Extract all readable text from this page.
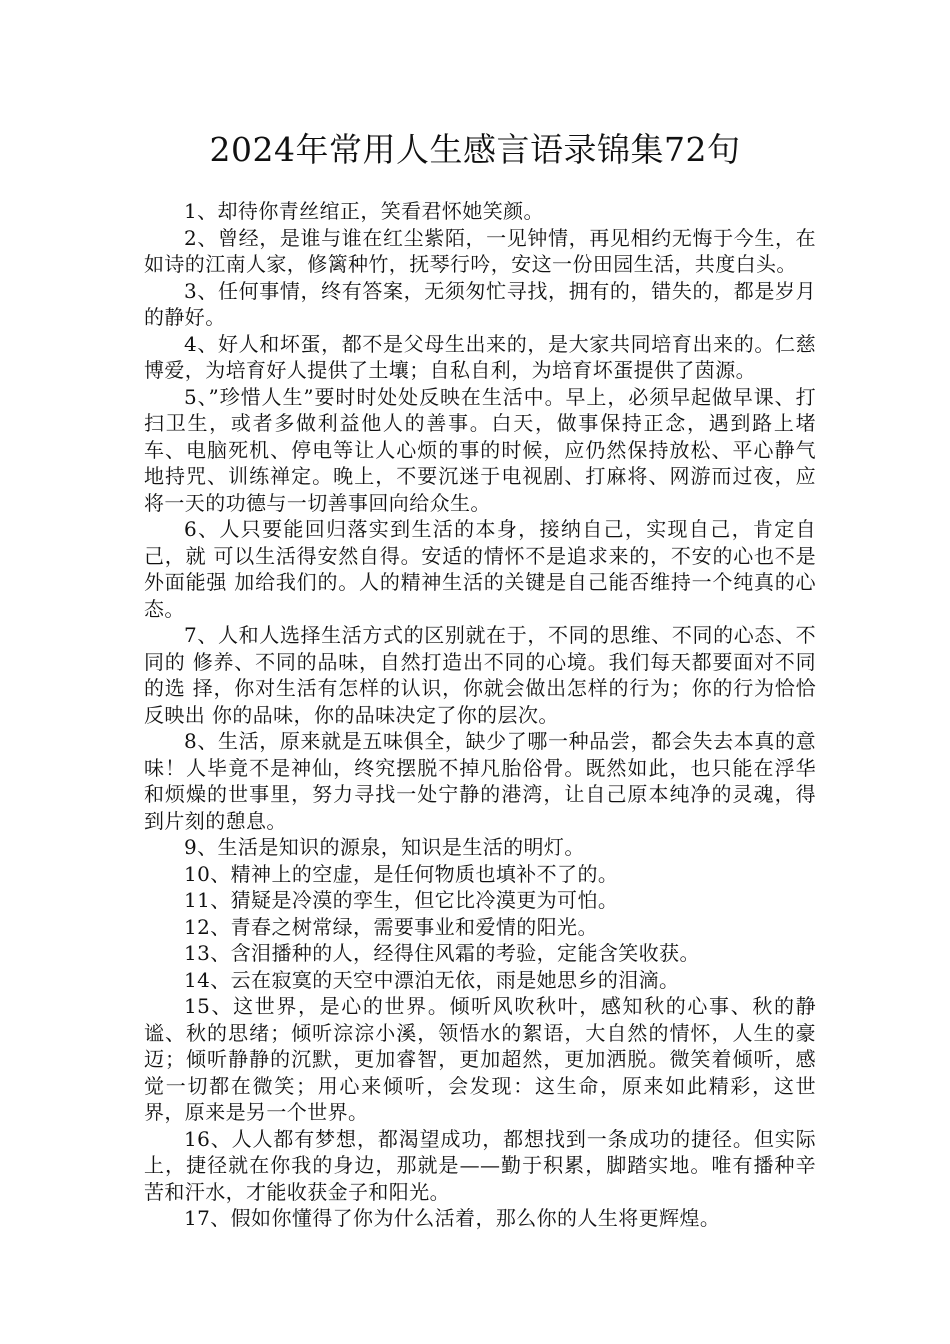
2024年常用人生感言语录锦集72句

1、却待你青丝绾正，笑看君怀她笑颜。

2、曾经，是谁与谁在红尘紫陌，一见钟情，再见相约无悔于今生，在如诗的江南人家，修篱种竹，抚琴行吟，安这一份田园生活，共度白头。

3、任何事情，终有答案，无须匆忙寻找，拥有的，错失的，都是岁月的静好。

4、好人和坏蛋，都不是父母生出来的，是大家共同培育出来的。仁慈博爱，为培育好人提供了土壤；自私自利，为培育坏蛋提供了茵源。

5、”珍惜人生”要时时处处反映在生活中。早上，必须早起做早课、打扫卫生，或者多做利益他人的善事。白天，做事保持正念，遇到路上堵车、电脑死机、停电等让人心烦的事的时候，应仍然保持放松、平心静气地持咒、训练禅定。晚上，不要沉迷于电视剧、打麻将、网游而过夜，应将一天的功德与一切善事回向给众生。

6、人只要能回归落实到生活的本身，接纳自己，实现自己，肯定自己，就 可以生活得安然自得。安适的情怀不是追求来的，不安的心也不是外面能强 加给我们的。人的精神生活的关键是自己能否维持一个纯真的心态。

7、人和人选择生活方式的区别就在于，不同的思维、不同的心态、不同的 修养、不同的品味，自然打造出不同的心境。我们每天都要面对不同的选 择，你对生活有怎样的认识，你就会做出怎样的行为；你的行为恰恰反映出 你的品味，你的品味决定了你的层次。

8、生活，原来就是五味俱全，缺少了哪一种品尝，都会失去本真的意味！人毕竟不是神仙，终究摆脱不掉凡胎俗骨。既然如此，也只能在浮华和烦燥的世事里，努力寻找一处宁静的港湾，让自己原本纯净的灵魂，得到片刻的憩息。

9、生活是知识的源泉，知识是生活的明灯。

10、精神上的空虚，是任何物质也填补不了的。

11、猜疑是冷漠的孪生，但它比冷漠更为可怕。

12、青春之树常绿，需要事业和爱情的阳光。

13、含泪播种的人，经得住风霜的考验，定能含笑收获。

14、云在寂寞的天空中漂泊无依，雨是她思乡的泪滴。

15、这世界，是心的世界。倾听风吹秋叶，感知秋的心事、秋的静谧、秋的思绪；倾听淙淙小溪，领悟水的絮语，大自然的情怀，人生的豪迈；倾听静静的沉默，更加睿智，更加超然，更加洒脱。微笑着倾听，感觉一切都在微笑；用心来倾听，会发现：这生命，原来如此精彩，这世界，原来是另一个世界。

16、人人都有梦想，都渴望成功，都想找到一条成功的捷径。但实际上，捷径就在你我的身边，那就是——勤于积累，脚踏实地。唯有播种辛苦和汗水，才能收获金子和阳光。

17、假如你懂得了你为什么活着，那么你的人生将更辉煌。
